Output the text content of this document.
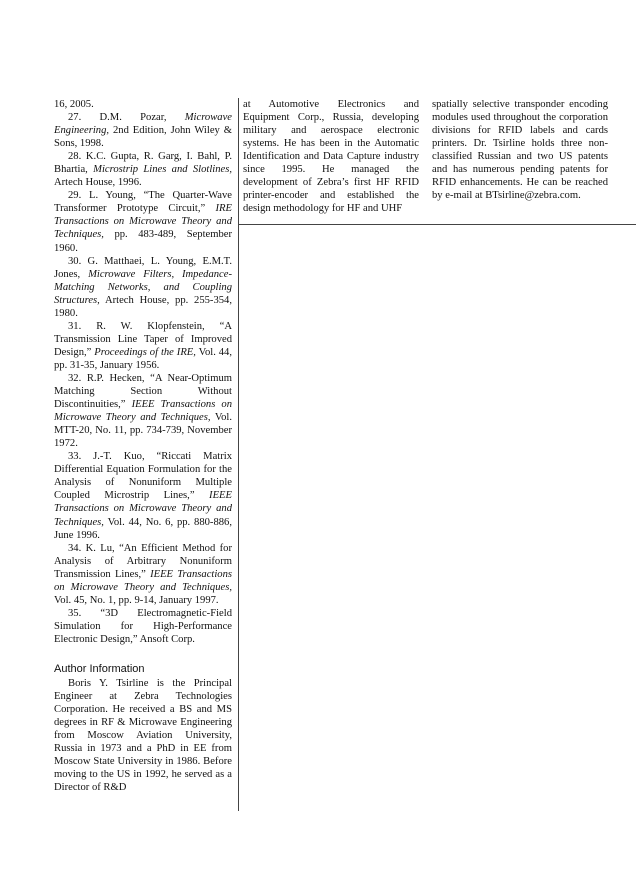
16, 2005.

27. D.M. Pozar, Microwave Engineering, 2nd Edition, John Wiley & Sons, 1998.

28. K.C. Gupta, R. Garg, I. Bahl, P. Bhartia, Microstrip Lines and Slotlines, Artech House, 1996.

29. L. Young, “The Quarter-Wave Transformer Prototype Circuit,” IRE Transactions on Microwave Theory and Techniques, pp. 483-489, September 1960.

30. G. Matthaei, L. Young, E.M.T. Jones, Microwave Filters, Impedance-Matching Networks, and Coupling Structures, Artech House, pp. 255-354, 1980.

31. R. W. Klopfenstein, “A Transmission Line Taper of Improved Design,” Proceedings of the IRE, Vol. 44, pp. 31-35, January 1956.

32. R.P. Hecken, “A Near-Optimum Matching Section Without Discontinuities,” IEEE Transactions on Microwave Theory and Techniques, Vol. MTT-20, No. 11, pp. 734-739, November 1972.

33. J.-T. Kuo, “Riccati Matrix Differential Equation Formulation for the Analysis of Nonuniform Multiple Coupled Microstrip Lines,” IEEE Transactions on Microwave Theory and Techniques, Vol. 44, No. 6, pp. 880-886, June 1996.

34. K. Lu, “An Efficient Method for Analysis of Arbitrary Nonuniform Transmission Lines,” IEEE Transactions on Microwave Theory and Techniques, Vol. 45, No. 1, pp. 9-14, January 1997.

35. “3D Electromagnetic-Field Simulation for High-Performance Electronic Design,” Ansoft Corp.

Author Information

Boris Y. Tsirline is the Principal Engineer at Zebra Technologies Corporation. He received a BS and MS degrees in RF & Microwave Engineering from Moscow Aviation University, Russia in 1973 and a PhD in EE from Moscow State University in 1986. Before moving to the US in 1992, he served as a Director of R&D

at Automotive Electronics and Equipment Corp., Russia, developing military and aerospace electronic systems. He has been in the Automatic Identification and Data Capture industry since 1995. He managed the development of Zebra’s first HF RFID printer-encoder and established the design methodology for HF and UHF

spatially selective transponder encoding modules used throughout the corporation divisions for RFID labels and cards printers. Dr. Tsirline holds three non-classified Russian and two US patents and has numerous pending patents for RFID enhancements. He can be reached by e-mail at BTsirline@zebra.com.
